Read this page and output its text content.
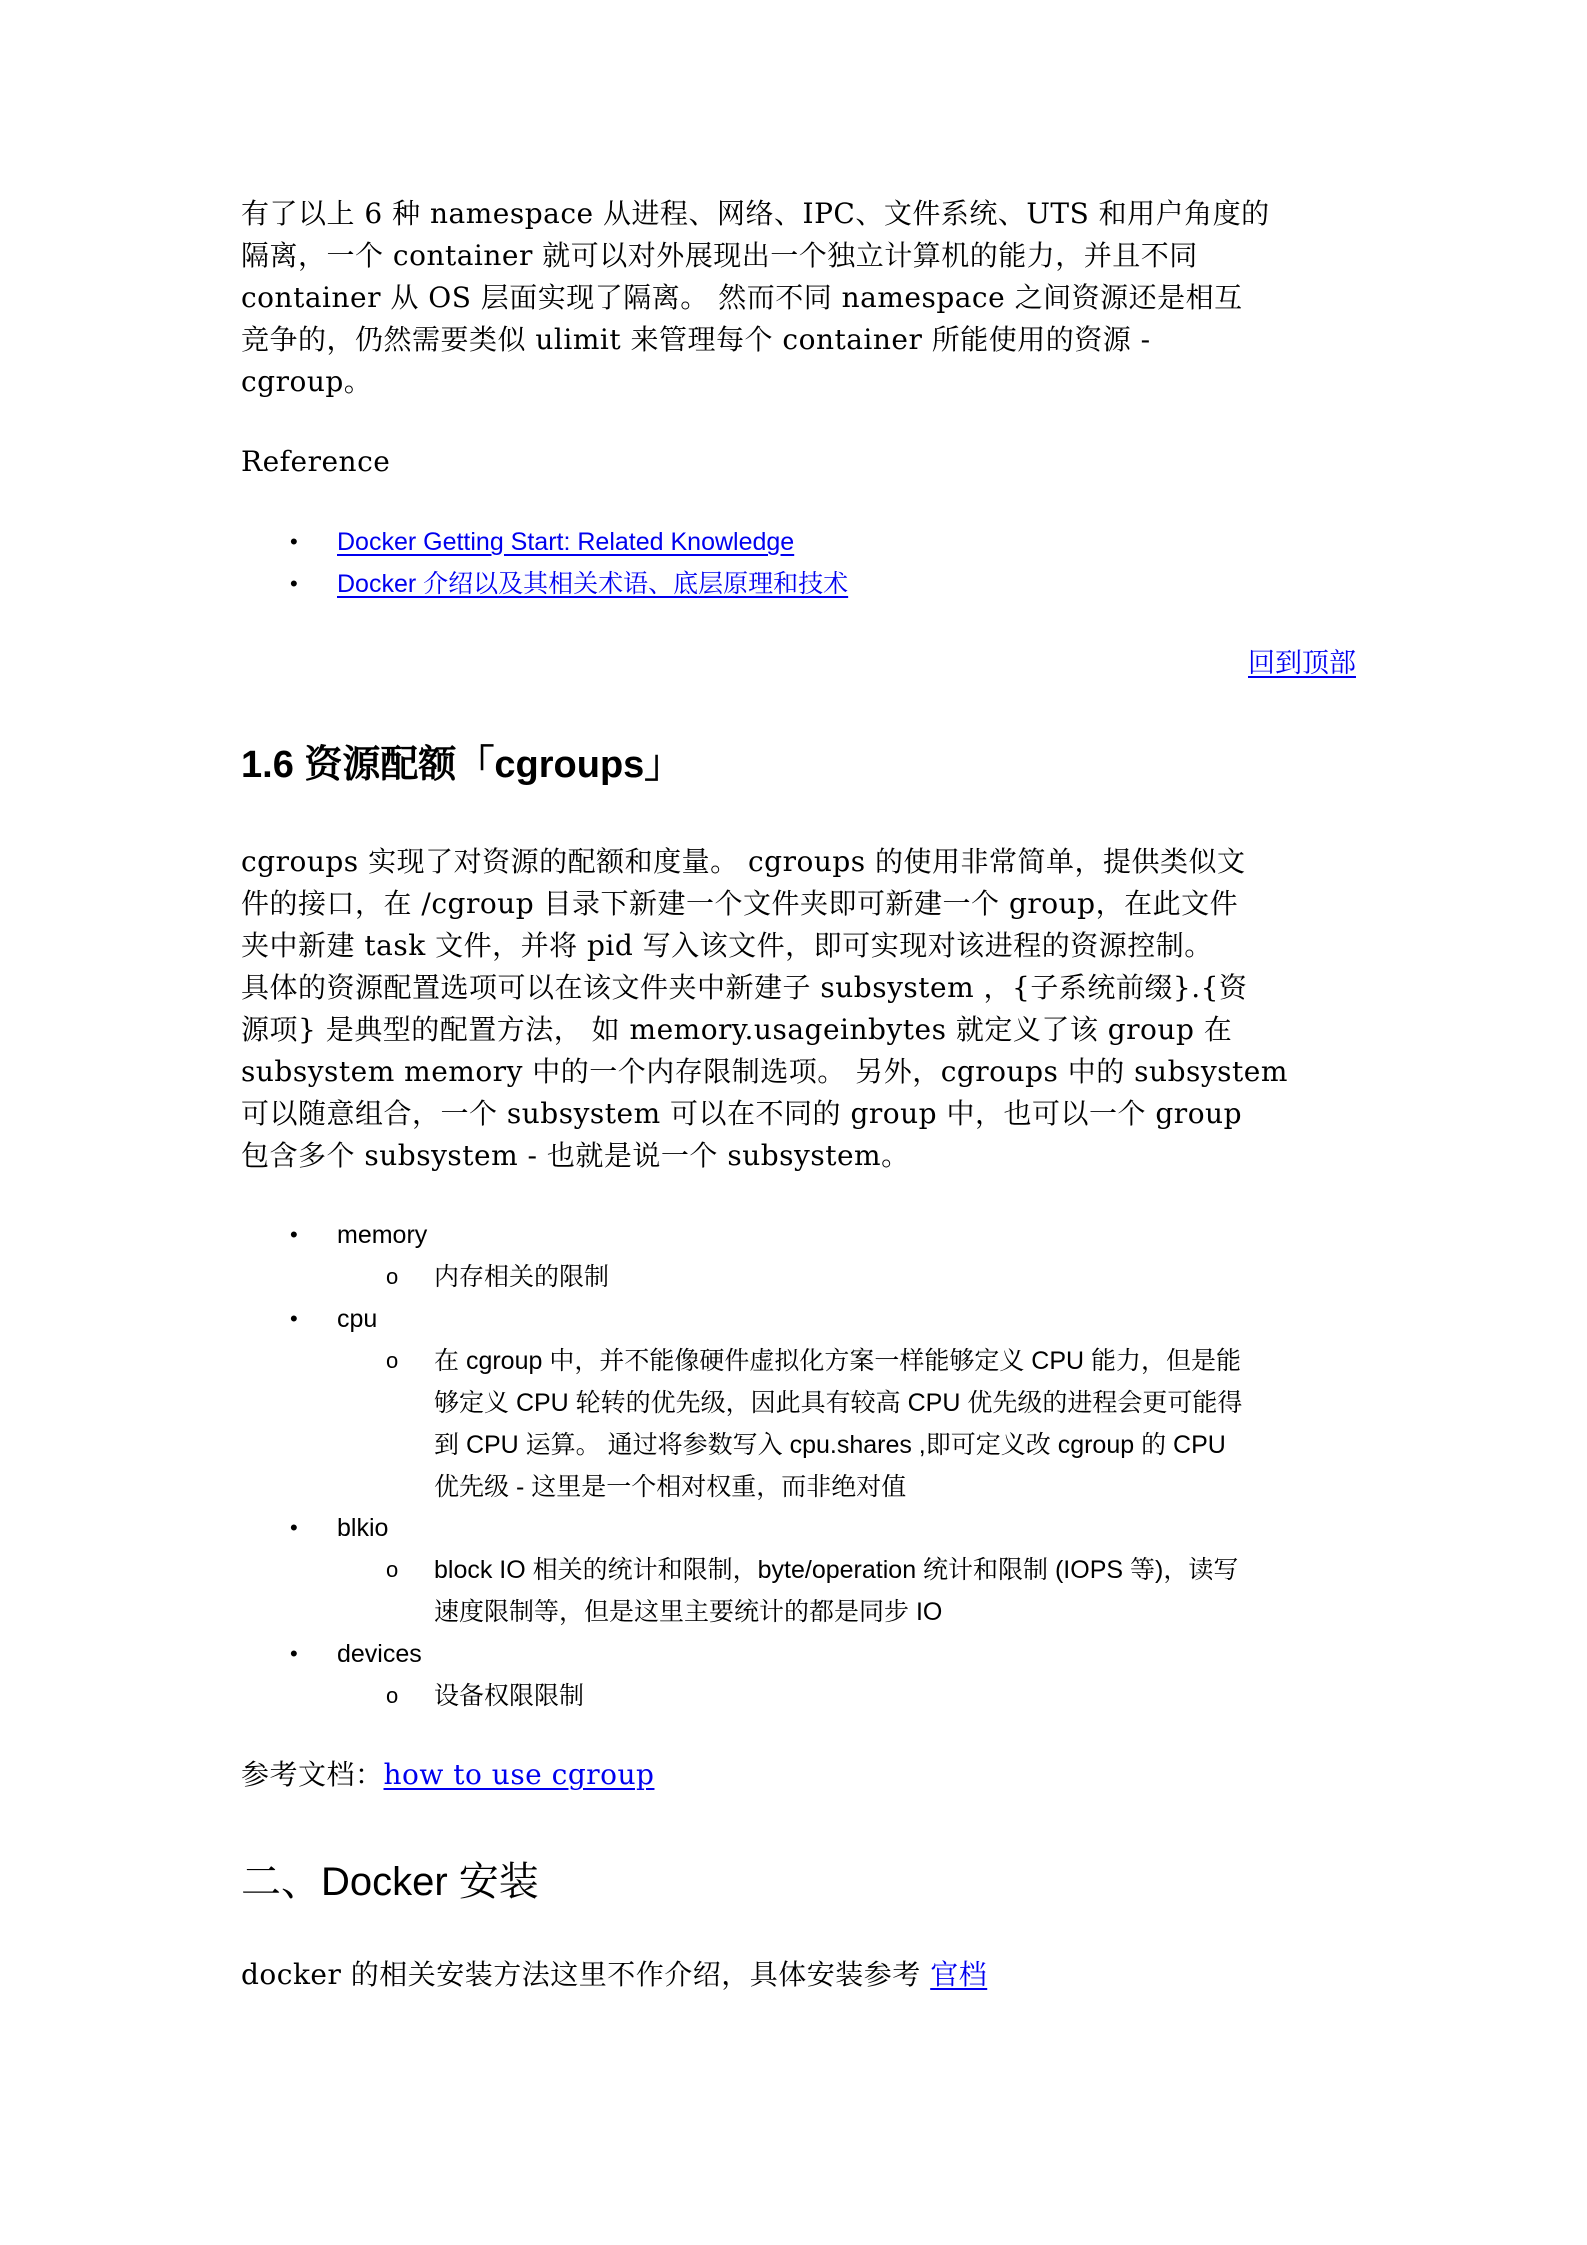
有了以上 6 种 namespace 从进程、网络、IPC、文件系统、UTS 和用户角度的
隔离，一个 container 就可以对外展现出一个独立计算机的能力，并且不同
container 从 OS 层面实现了隔离。 然而不同 namespace 之间资源还是相互
竞争的，仍然需要类似 ulimit 来管理每个 container 所能使用的资源 -
cgroup。
Reference
• Docker Getting Start: Related Knowledge
• Docker 介绍以及其相关术语、底层原理和技术
回到顶部
1.6 资源配额「cgroups」
cgroups 实现了对资源的配额和度量。 cgroups 的使用非常简单，提供类似文
件的接口，在 /cgroup 目录下新建一个文件夹即可新建一个 group，在此文件
夹中新建 task 文件，并将 pid 写入该文件，即可实现对该进程的资源控制。
具体的资源配置选项可以在该文件夹中新建子 subsystem ，{子系统前缀}.{资
源项} 是典型的配置方法， 如 memory.usageinbytes 就定义了该 group 在
subsystem memory 中的一个内存限制选项。 另外，cgroups 中的 subsystem
可以随意组合，一个 subsystem 可以在不同的 group 中，也可以一个 group
包含多个 subsystem - 也就是说一个 subsystem。
• memory
o 内存相关的限制
• cpu
o 在 cgroup 中，并不能像硬件虚拟化方案一样能够定义 CPU 能力，但是能
够定义 CPU 轮转的优先级，因此具有较高 CPU 优先级的进程会更可能得
到 CPU 运算。 通过将参数写入 cpu.shares ,即可定义改 cgroup 的 CPU
优先级 - 这里是一个相对权重，而非绝对值
• blkio
o block IO 相关的统计和限制，byte/operation 统计和限制 (IOPS 等)，读写
速度限制等，但是这里主要统计的都是同步 IO
• devices
o 设备权限限制
参考文档：how to use cgroup
二、Docker 安装
docker 的相关安装方法这里不作介绍，具体安装参考 官档
